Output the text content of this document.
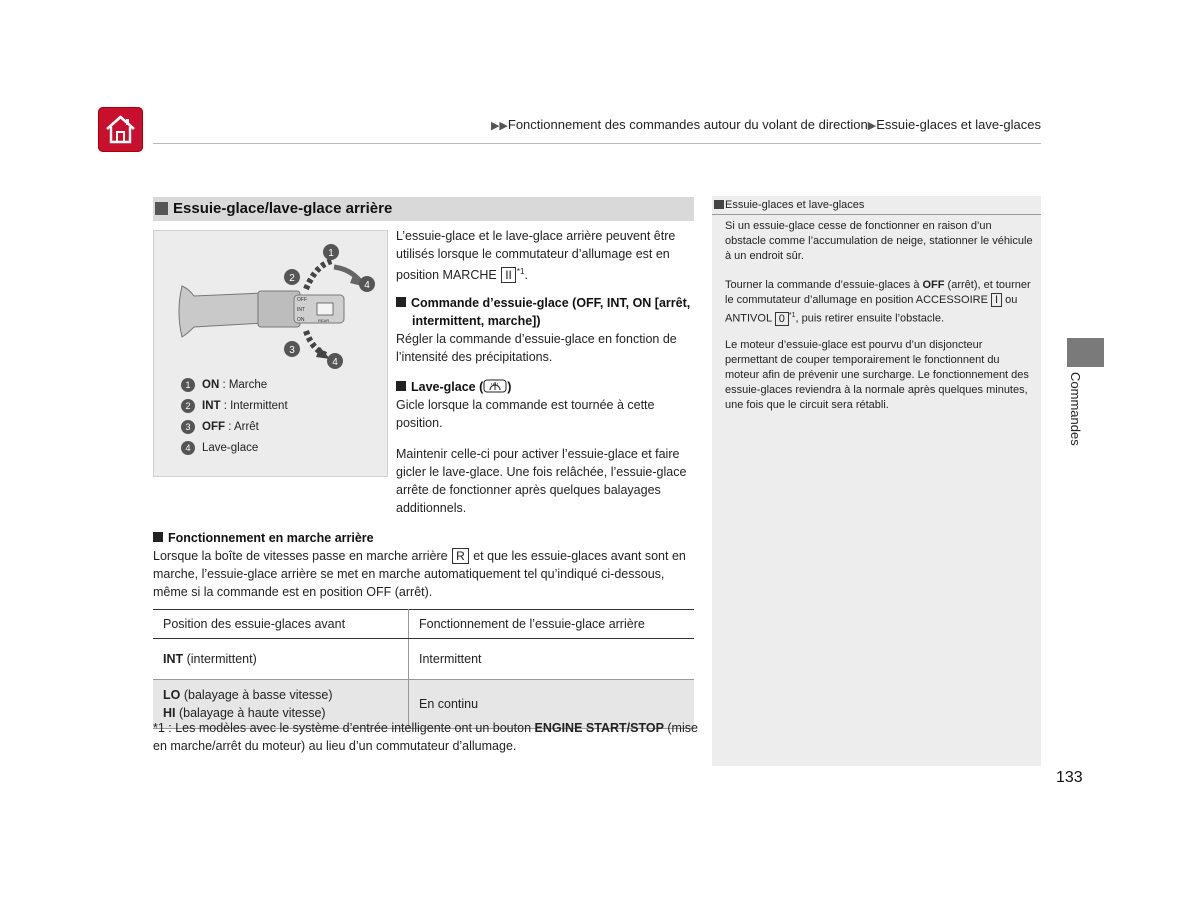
▶▶Fonctionnement des commandes autour du volant de direction▶Essuie-glaces et lave-glaces
Essuie-glace/lave-glace arrière
OFF
INT
ON	REAR
1
2
4
3
4
1 ON : Marche
2 INT : Intermittent
3 OFF : Arrêt
4 Lave-glace
L’essuie-glace et le lave-glace arrière peuvent être utilisés lorsque le commutateur d’allumage est en position MARCHE II $^{*1}$.
Commande d’essuie-glace (OFF, INT, ON [arrêt, intermittent, marche])
Régler la commande d’essuie-glace en fonction de l’intensité des précipitations.
Lave-glace ( )
Gicle lorsque la commande est tournée à cette position.
Maintenir celle-ci pour activer l’essuie-glace et faire gicler le lave-glace. Une fois relâchée, l’essuie-glace arrête de fonctionner après quelques balayages additionnels.
Fonctionnement en marche arrière
Lorsque la boîte de vitesses passe en marche arrière R et que les essuie-glaces avant sont en marche, l’essuie-glace arrière se met en marche automatiquement tel qu’indiqué ci-dessous, même si la commande est en position OFF (arrêt).
Position des essuie-glaces avant	Fonctionnement de l’essuie-glace arrière
INT (intermittent)	Intermittent
LO (balayage à basse vitesse)
HI (balayage à haute vitesse)	En continu
*1 : Les modèles avec le système d’entrée intelligente ont un bouton ENGINE START/STOP (mise en marche/arrêt du moteur) au lieu d’un commutateur d’allumage.
Essuie-glaces et lave-glaces
Si un essuie-glace cesse de fonctionner en raison d’un obstacle comme l’accumulation de neige, stationner le véhicule à un endroit sûr.
Tourner la commande d’essuie-glaces à OFF (arrêt), et tourner le commutateur d’allumage en position ACCESSOIRE I ou ANTIVOL 0 $^{*1}$, puis retirer ensuite l’obstacle.
Le moteur d’essuie-glace est pourvu d’un disjoncteur permettant de couper temporairement le fonctionnent du moteur afin de prévenir une surcharge. Le fonctionnement des essuie-glaces reviendra à la normale après quelques minutes, une fois que le circuit sera rétabli.	Commandes
133
